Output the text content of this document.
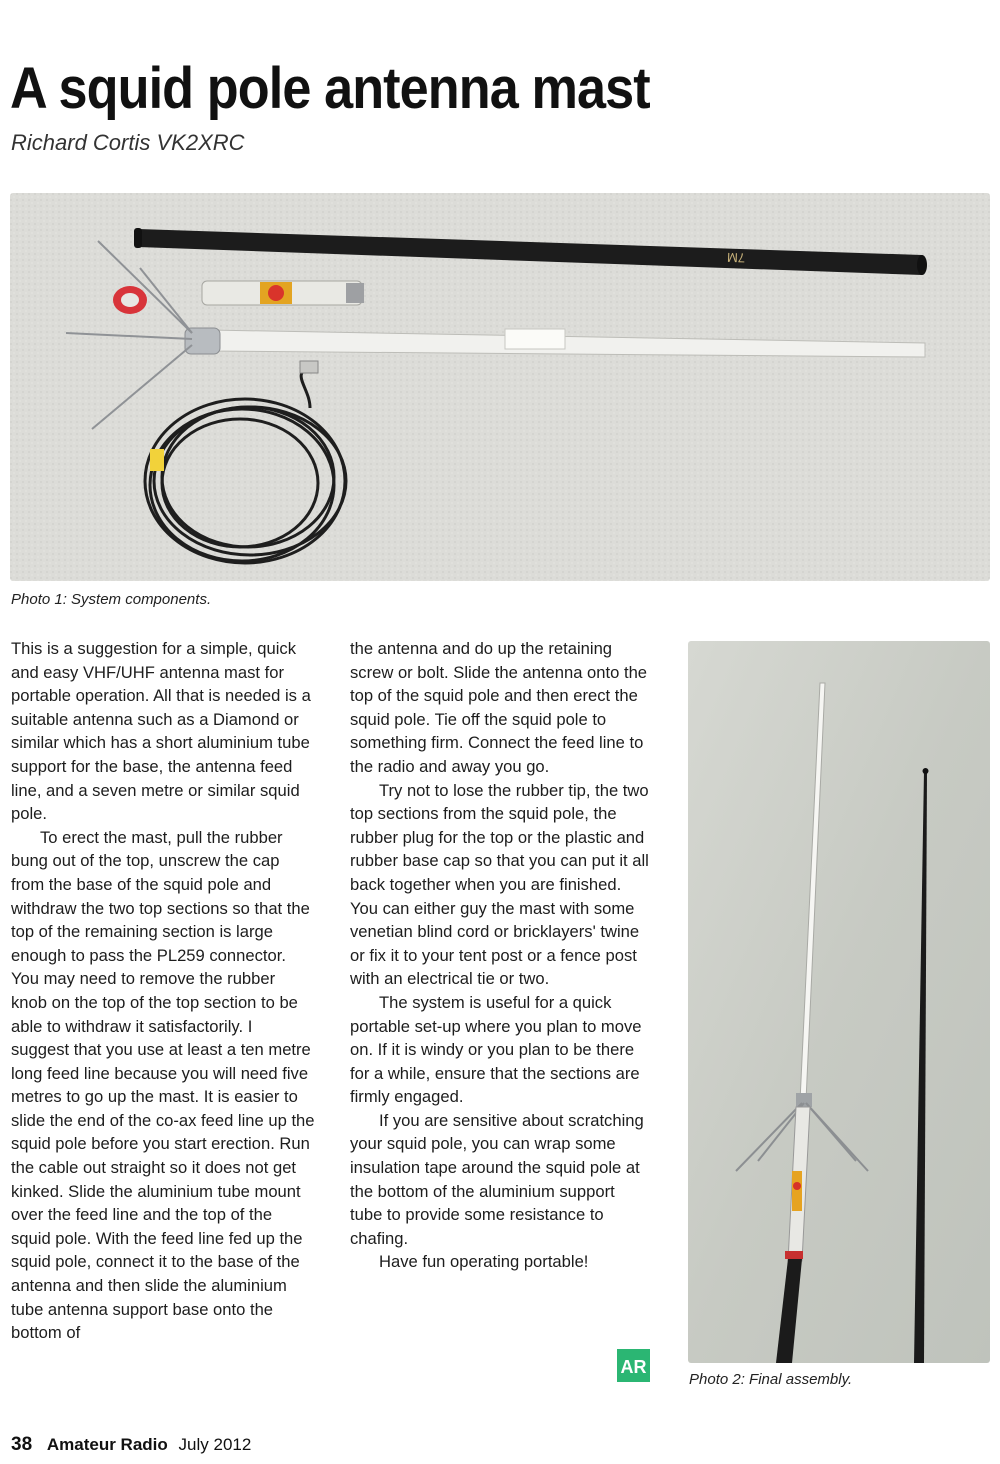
A squid pole antenna mast
Richard Cortis VK2XRC
7M
Photo 1: System components.

This is a suggestion for a simple, quick and easy VHF/UHF antenna mast for portable operation. All that is needed is a suitable antenna such as a Diamond or similar which has a short aluminium tube support for the base, the antenna feed line, and a seven metre or similar squid pole.

To erect the mast, pull the rubber bung out of the top, unscrew the cap from the base of the squid pole and withdraw the two top sections so that the top of the remaining section is large enough to pass the PL259 connector. You may need to remove the rubber knob on the top of the top section to be able to withdraw it satisfactorily. I suggest that you use at least a ten metre long feed line because you will need five metres to go up the mast. It is easier to slide the end of the co-ax feed line up the squid pole before you start erection. Run the cable out straight so it does not get kinked. Slide the aluminium tube mount over the feed line and the top of the squid pole. With the feed line fed up the squid pole, connect it to the base of the antenna and then slide the aluminium tube antenna support base onto the bottom of

the antenna and do up the retaining screw or bolt. Slide the antenna onto the top of the squid pole and then erect the squid pole. Tie off the squid pole to something firm. Connect the feed line to the radio and away you go.

Try not to lose the rubber tip, the two top sections from the squid pole, the rubber plug for the top or the plastic and rubber base cap so that you can put it all back together when you are finished. You can either guy the mast with some venetian blind cord or bricklayers' twine or fix it to your tent post or a fence post with an electrical tie or two.

The system is useful for a quick portable set-up where you plan to move on. If it is windy or you plan to be there for a while, ensure that the sections are firmly engaged.

If you are sensitive about scratching your squid pole, you can wrap some insulation tape around the squid pole at the bottom of the aluminium support tube to provide some resistance to chafing.

Have fun operating portable!

AR
Photo 2: Final assembly.
38 Amateur Radio July 2012
